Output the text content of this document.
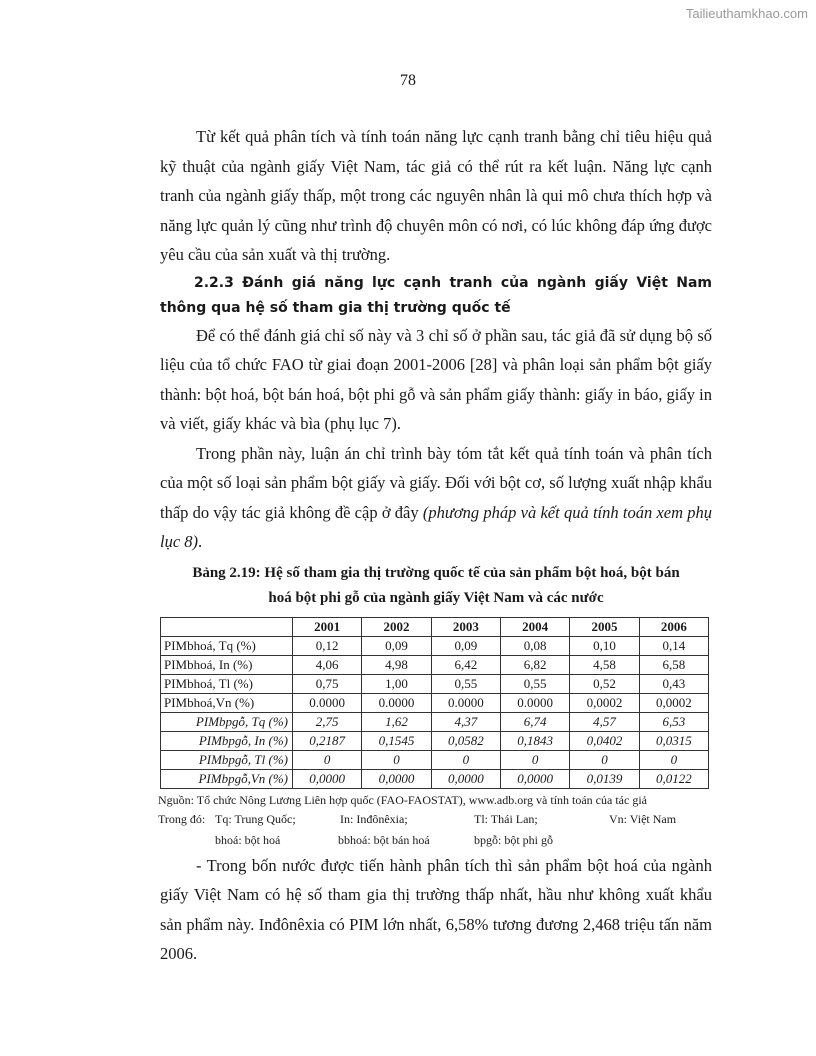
Tailieuthamkhao.com
78

Từ kết quả phân tích và tính toán năng lực cạnh tranh bằng chỉ tiêu hiệu quả kỹ thuật của ngành giấy Việt Nam, tác giả có thể rút ra kết luận. Năng lực cạnh tranh của ngành giấy thấp, một trong các nguyên nhân là qui mô chưa thích hợp và năng lực quản lý cũng như trình độ chuyên môn có nơi, có lúc không đáp ứng được yêu cầu của sản xuất và thị trường.

2.2.3 Đánh giá năng lực cạnh tranh của ngành giấy Việt Nam thông qua hệ số tham gia thị trường quốc tế

Để có thể đánh giá chỉ số này và 3 chỉ số ở phần sau, tác giả đã sử dụng bộ số liệu của tổ chức FAO từ giai đoạn 2001-2006 [28] và phân loại sản phẩm bột giấy thành: bột hoá, bột bán hoá, bột phi gỗ và sản phẩm giấy thành: giấy in báo, giấy in và viết, giấy khác và bìa (phụ lục 7).

Trong phần này, luận án chỉ trình bày tóm tắt kết quả tính toán và phân tích của một số loại sản phẩm bột giấy và giấy. Đối với bột cơ, số lượng xuất nhập khẩu thấp do vậy tác giả không đề cập ở đây (phương pháp và kết quả tính toán xem phụ lục 8).

Bảng 2.19: Hệ số tham gia thị trường quốc tế của sản phẩm bột hoá, bột bán
hoá bột phi gỗ của ngành giấy Việt Nam và các nước
	2001	2002	2003	2004	2005	2006
PIMbhoá, Tq (%)	0,12	0,09	0,09	0,08	0,10	0,14
PIMbhoá, In (%)	4,06	4,98	6,42	6,82	4,58	6,58
PIMbhoá, Tl (%)	0,75	1,00	0,55	0,55	0,52	0,43
PIMbhoá,Vn (%)	0.0000	0.0000	0.0000	0.0000	0,0002	0,0002
PIMbpgỗ, Tq (%)	2,75	1,62	4,37	6,74	4,57	6,53
PIMbpgỗ, In (%)	0,2187	0,1545	0,0582	0,1843	0,0402	0,0315
PIMbpgỗ, Tl (%)	0	0	0	0	0	0
PIMbpgỗ,Vn (%)	0,0000	0,0000	0,0000	0,0000	0,0139	0,0122
Nguồn: Tổ chức Nông Lương Liên hợp quốc (FAO-FAOSTAT), www.adb.org và tính toán của tác giả
Trong đó: Tq: Trung Quốc;	In: Inđônêxia;	Tl: Thái Lan;	Vn: Việt Nam
bhoá: bột hoá	bbhoá: bột bán hoá	bpgỗ: bột phi gỗ

- Trong bốn nước được tiến hành phân tích thì sản phẩm bột hoá của ngành giấy Việt Nam có hệ số tham gia thị trường thấp nhất, hầu như không xuất khẩu sản phẩm này. Inđônêxia có PIM lớn nhất, 6,58% tương đương 2,468 triệu tấn năm 2006.
